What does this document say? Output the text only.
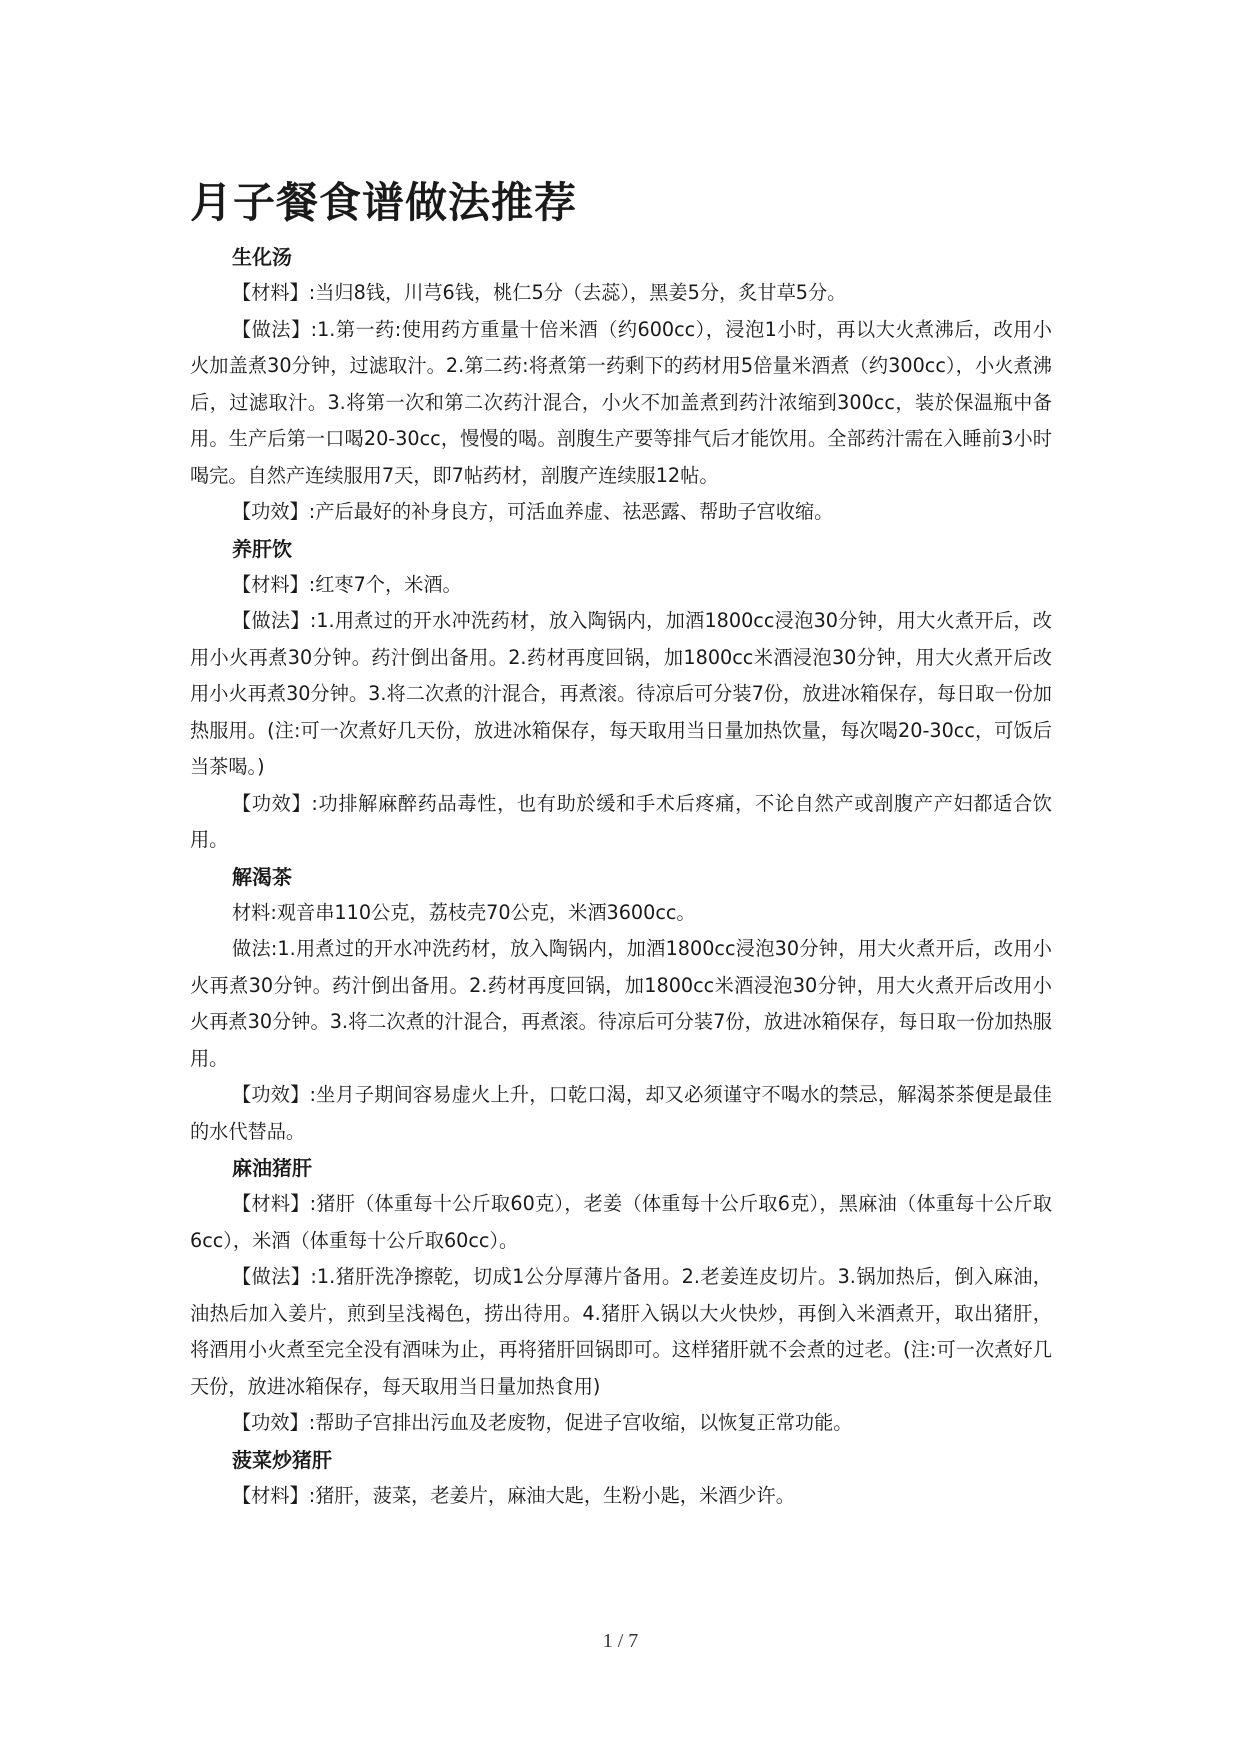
月子餐食谱做法推荐
生化汤

【材料】:当归8钱，川芎6钱，桃仁5分（去蕊），黑姜5分，炙甘草5分。

【做法】:1.第一药:使用药方重量十倍米酒（约600cc），浸泡1小时，再以大火煮沸后，改用小火加盖煮30分钟，过滤取汁。2.第二药:将煮第一药剩下的药材用5倍量米酒煮（约300cc），小火煮沸后，过滤取汁。3.将第一次和第二次药汁混合，小火不加盖煮到药汁浓缩到300cc，装於保温瓶中备用。生产后第一口喝20-30cc，慢慢的喝。剖腹生产要等排气后才能饮用。全部药汁需在入睡前3小时喝完。自然产连续服用7天，即7帖药材，剖腹产连续服12帖。

【功效】:产后最好的补身良方，可活血养虚、祛恶露、帮助子宫收缩。

养肝饮

【材料】:红枣7个，米酒。

【做法】:1.用煮过的开水冲洗药材，放入陶锅内，加酒1800cc浸泡30分钟，用大火煮开后，改用小火再煮30分钟。药汁倒出备用。2.药材再度回锅，加1800cc米酒浸泡30分钟，用大火煮开后改用小火再煮30分钟。3.将二次煮的汁混合，再煮滚。待凉后可分装7份，放进冰箱保存，每日取一份加热服用。(注:可一次煮好几天份，放进冰箱保存，每天取用当日量加热饮量，每次喝20-30cc，可饭后当茶喝。)

【功效】:功排解麻醉药品毒性，也有助於缓和手术后疼痛，不论自然产或剖腹产产妇都适合饮用。

解渴茶

材料:观音串110公克，荔枝壳70公克，米酒3600cc。

做法:1.用煮过的开水冲洗药材，放入陶锅内，加酒1800cc浸泡30分钟，用大火煮开后，改用小火再煮30分钟。药汁倒出备用。2.药材再度回锅，加1800cc米酒浸泡30分钟，用大火煮开后改用小火再煮30分钟。3.将二次煮的汁混合，再煮滚。待凉后可分装7份，放进冰箱保存，每日取一份加热服用。

【功效】:坐月子期间容易虚火上升，口乾口渴，却又必须谨守不喝水的禁忌，解渴茶茶便是最佳的水代替品。

麻油猪肝

【材料】:猪肝（体重每十公斤取60克），老姜（体重每十公斤取6克），黑麻油（体重每十公斤取6cc），米酒（体重每十公斤取60cc）。

【做法】:1.猪肝洗净擦乾，切成1公分厚薄片备用。2.老姜连皮切片。3.锅加热后，倒入麻油，油热后加入姜片，煎到呈浅褐色，捞出待用。4.猪肝入锅以大火快炒，再倒入米酒煮开，取出猪肝，将酒用小火煮至完全没有酒味为止，再将猪肝回锅即可。这样猪肝就不会煮的过老。(注:可一次煮好几天份，放进冰箱保存，每天取用当日量加热食用)

【功效】:帮助子宫排出污血及老废物，促进子宫收缩，以恢复正常功能。

菠菜炒猪肝

【材料】:猪肝，菠菜，老姜片，麻油大匙，生粉小匙，米酒少许。

1 / 7
